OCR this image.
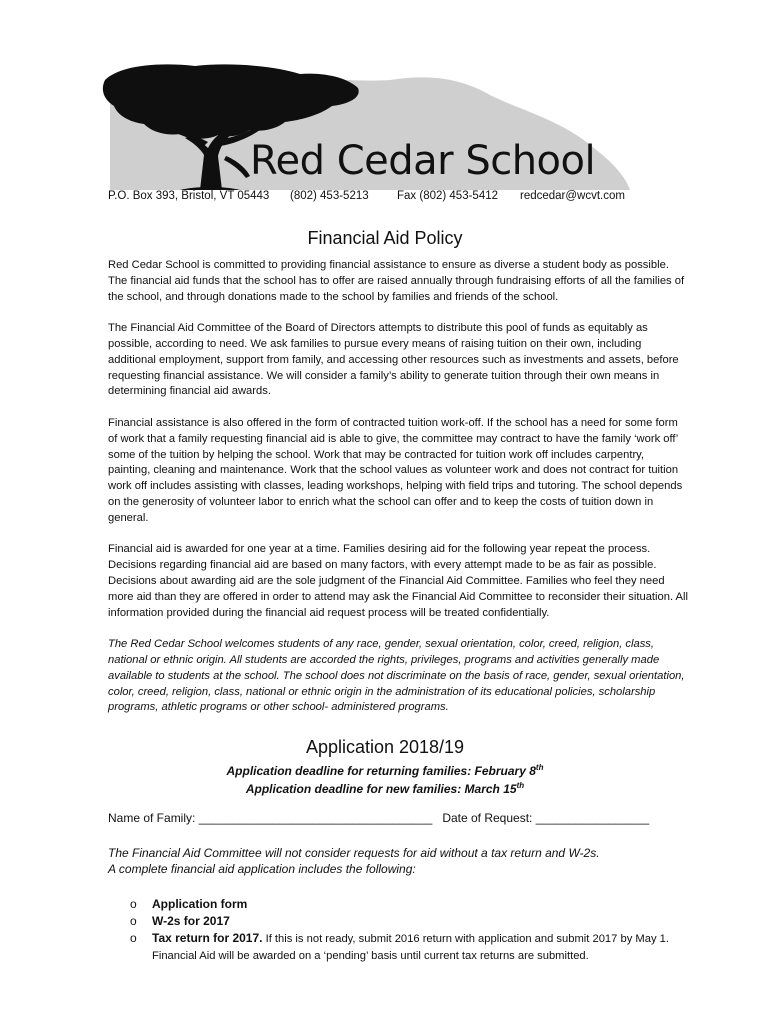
Red Cedar School
P.O. Box 393, Bristol, VT 05443	(802) 453-5213	Fax (802) 453-5412	redcedar@wcvt.com
Financial Aid Policy

Red Cedar School is committed to providing financial assistance to ensure as diverse a student body as possible. The financial aid funds that the school has to offer are raised annually through fundraising efforts of all the families of the school, and through donations made to the school by families and friends of the school.

The Financial Aid Committee of the Board of Directors attempts to distribute this pool of funds as equitably as possible, according to need. We ask families to pursue every means of raising tuition on their own, including additional employment, support from family, and accessing other resources such as investments and assets, before requesting financial assistance. We will consider a family’s ability to generate tuition through their own means in determining financial aid awards.

Financial assistance is also offered in the form of contracted tuition work-off. If the school has a need for some form of work that a family requesting financial aid is able to give, the committee may contract to have the family ‘work off’ some of the tuition by helping the school. Work that may be contracted for tuition work off includes carpentry, painting, cleaning and maintenance. Work that the school values as volunteer work and does not contract for tuition work off includes assisting with classes, leading workshops, helping with field trips and tutoring. The school depends on the generosity of volunteer labor to enrich what the school can offer and to keep the costs of tuition down in general.

Financial aid is awarded for one year at a time. Families desiring aid for the following year repeat the process. Decisions regarding financial aid are based on many factors, with every attempt made to be as fair as possible. Decisions about awarding aid are the sole judgment of the Financial Aid Committee. Families who feel they need more aid than they are offered in order to attend may ask the Financial Aid Committee to reconsider their situation. All information provided during the financial aid request process will be treated confidentially.

The Red Cedar School welcomes students of any race, gender, sexual orientation, color, creed, religion, class, national or ethnic origin. All students are accorded the rights, privileges, programs and activities generally made available to students at the school. The school does not discriminate on the basis of race, gender, sexual orientation, color, creed, religion, class, national or ethnic origin in the administration of its educational policies, scholarship programs, athletic programs or other school- administered programs.

Application 2018/19
Application deadline for returning families: February 8th
Application deadline for new families: March 15th
Name of Family: ___________________________________ Date of Request: _________________
The Financial Aid Committee will not consider requests for aid without a tax return and W-2s.
A complete financial aid application includes the following:
o	Application form
o	W-2s for 2017
o	Tax return for 2017. If this is not ready, submit 2016 return with application and submit 2017 by May 1. Financial Aid will be awarded on a ‘pending’ basis until current tax returns are submitted.
